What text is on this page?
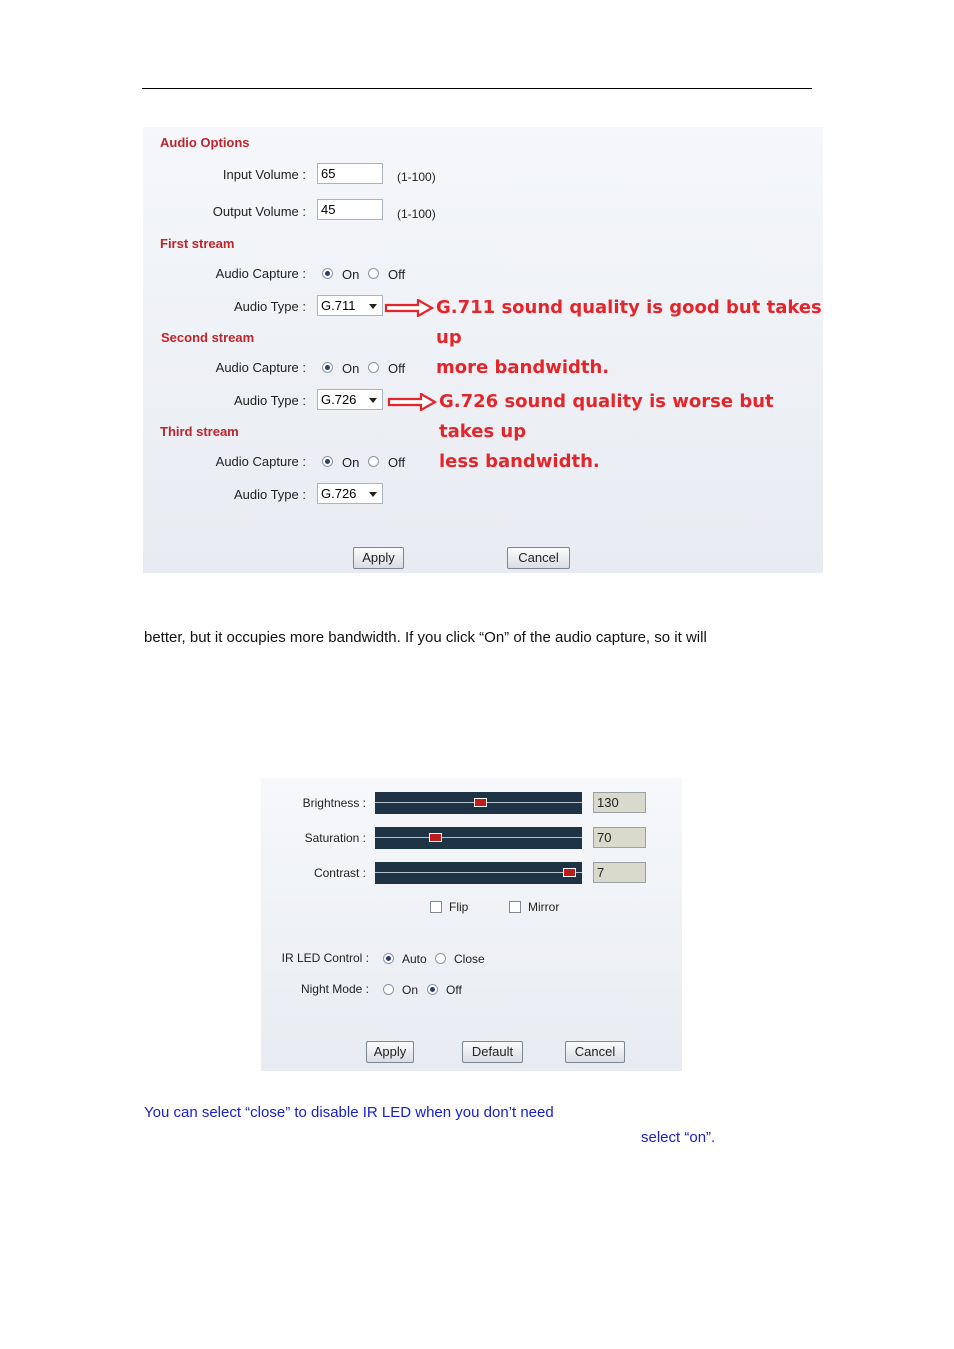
Audio Options
Input Volume :
65	(1-100)
Output Volume :
45	(1-100)
First stream
Audio Capture :	On Off
Audio Type :	G.711
Second stream
Audio Capture :	On Off
Audio Type :	G.726
Third stream
Audio Capture :	On Off
Audio Type :	G.726
Apply	Cancel
G.711 sound quality is good but takes up
more bandwidth.
G.726 sound quality is worse but takes up
less bandwidth.
better, but it occupies more bandwidth. If you click “On” of the audio capture, so it will
Brightness :	130
Saturation :	70
Contrast :	7
Flip	Mirror
IR LED Control :	Auto Close
Night Mode :	On Off
Apply	Default	Cancel
You can select “close” to disable IR LED when you don’t need
select “on”.
